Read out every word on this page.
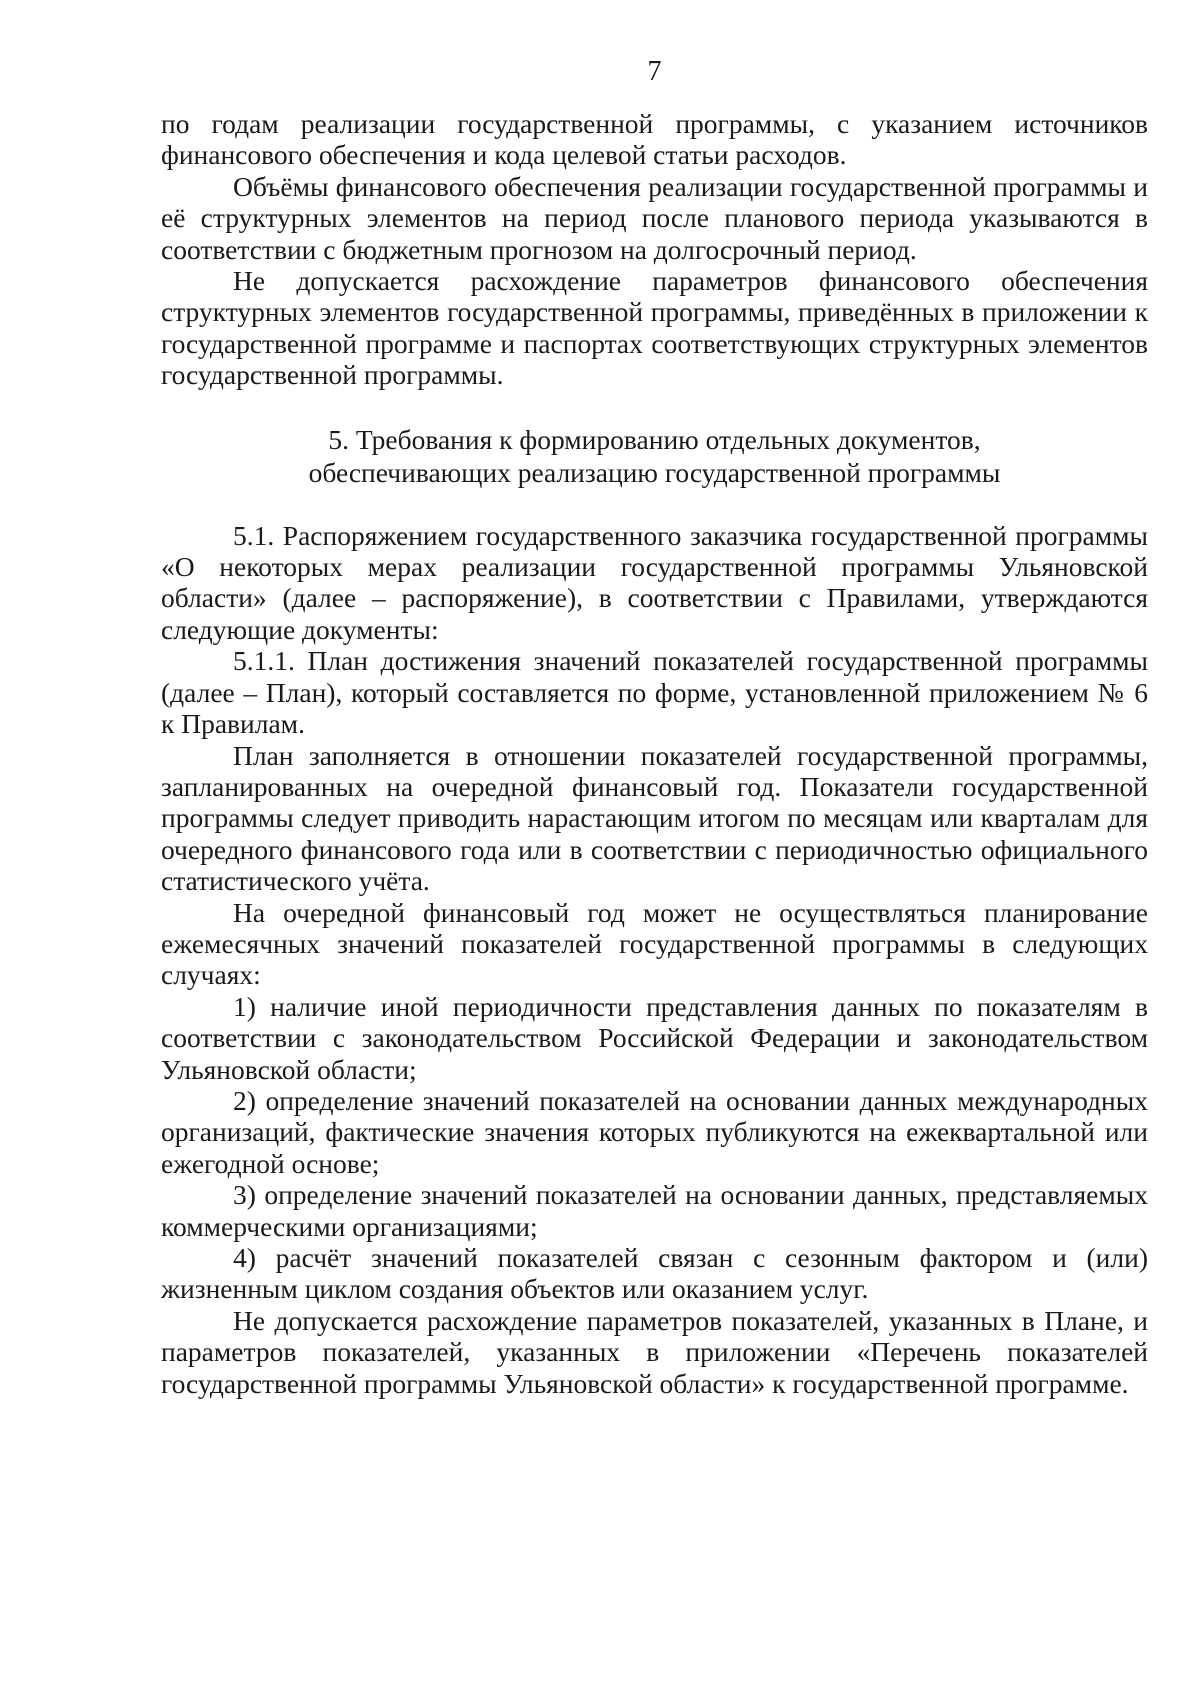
7

по годам реализации государственной программы, с указанием источников финансового обеспечения и кода целевой статьи расходов.

Объёмы финансового обеспечения реализации государственной программы и её структурных элементов на период после планового периода указываются в соответствии с бюджетным прогнозом на долгосрочный период.

Не допускается расхождение параметров финансового обеспечения структурных элементов государственной программы, приведённых в приложении к государственной программе и паспортах соответствующих структурных элементов государственной программы.

5. Требования к формированию отдельных документов,
обеспечивающих реализацию государственной программы

5.1. Распоряжением государственного заказчика государственной программы «О некоторых мерах реализации государственной программы Ульяновской области» (далее – распоряжение), в соответствии с Правилами, утверждаются следующие документы:

5.1.1. План достижения значений показателей государственной программы (далее – План), который составляется по форме, установленной приложением № 6 к Правилам.

План заполняется в отношении показателей государственной программы, запланированных на очередной финансовый год. Показатели государственной программы следует приводить нарастающим итогом по месяцам или кварталам для очередного финансового года или в соответствии с периодичностью официального статистического учёта.

На очередной финансовый год может не осуществляться планирование ежемесячных значений показателей государственной программы в следующих случаях:

1) наличие иной периодичности представления данных по показателям в соответствии с законодательством Российской Федерации и законодательством Ульяновской области;

2) определение значений показателей на основании данных международных организаций, фактические значения которых публикуются на ежеквартальной или ежегодной основе;

3) определение значений показателей на основании данных, представляемых коммерческими организациями;

4) расчёт значений показателей связан с сезонным фактором и (или) жизненным циклом создания объектов или оказанием услуг.

Не допускается расхождение параметров показателей, указанных в Плане, и параметров показателей, указанных в приложении «Перечень показателей государственной программы Ульяновской области» к государственной программе.
